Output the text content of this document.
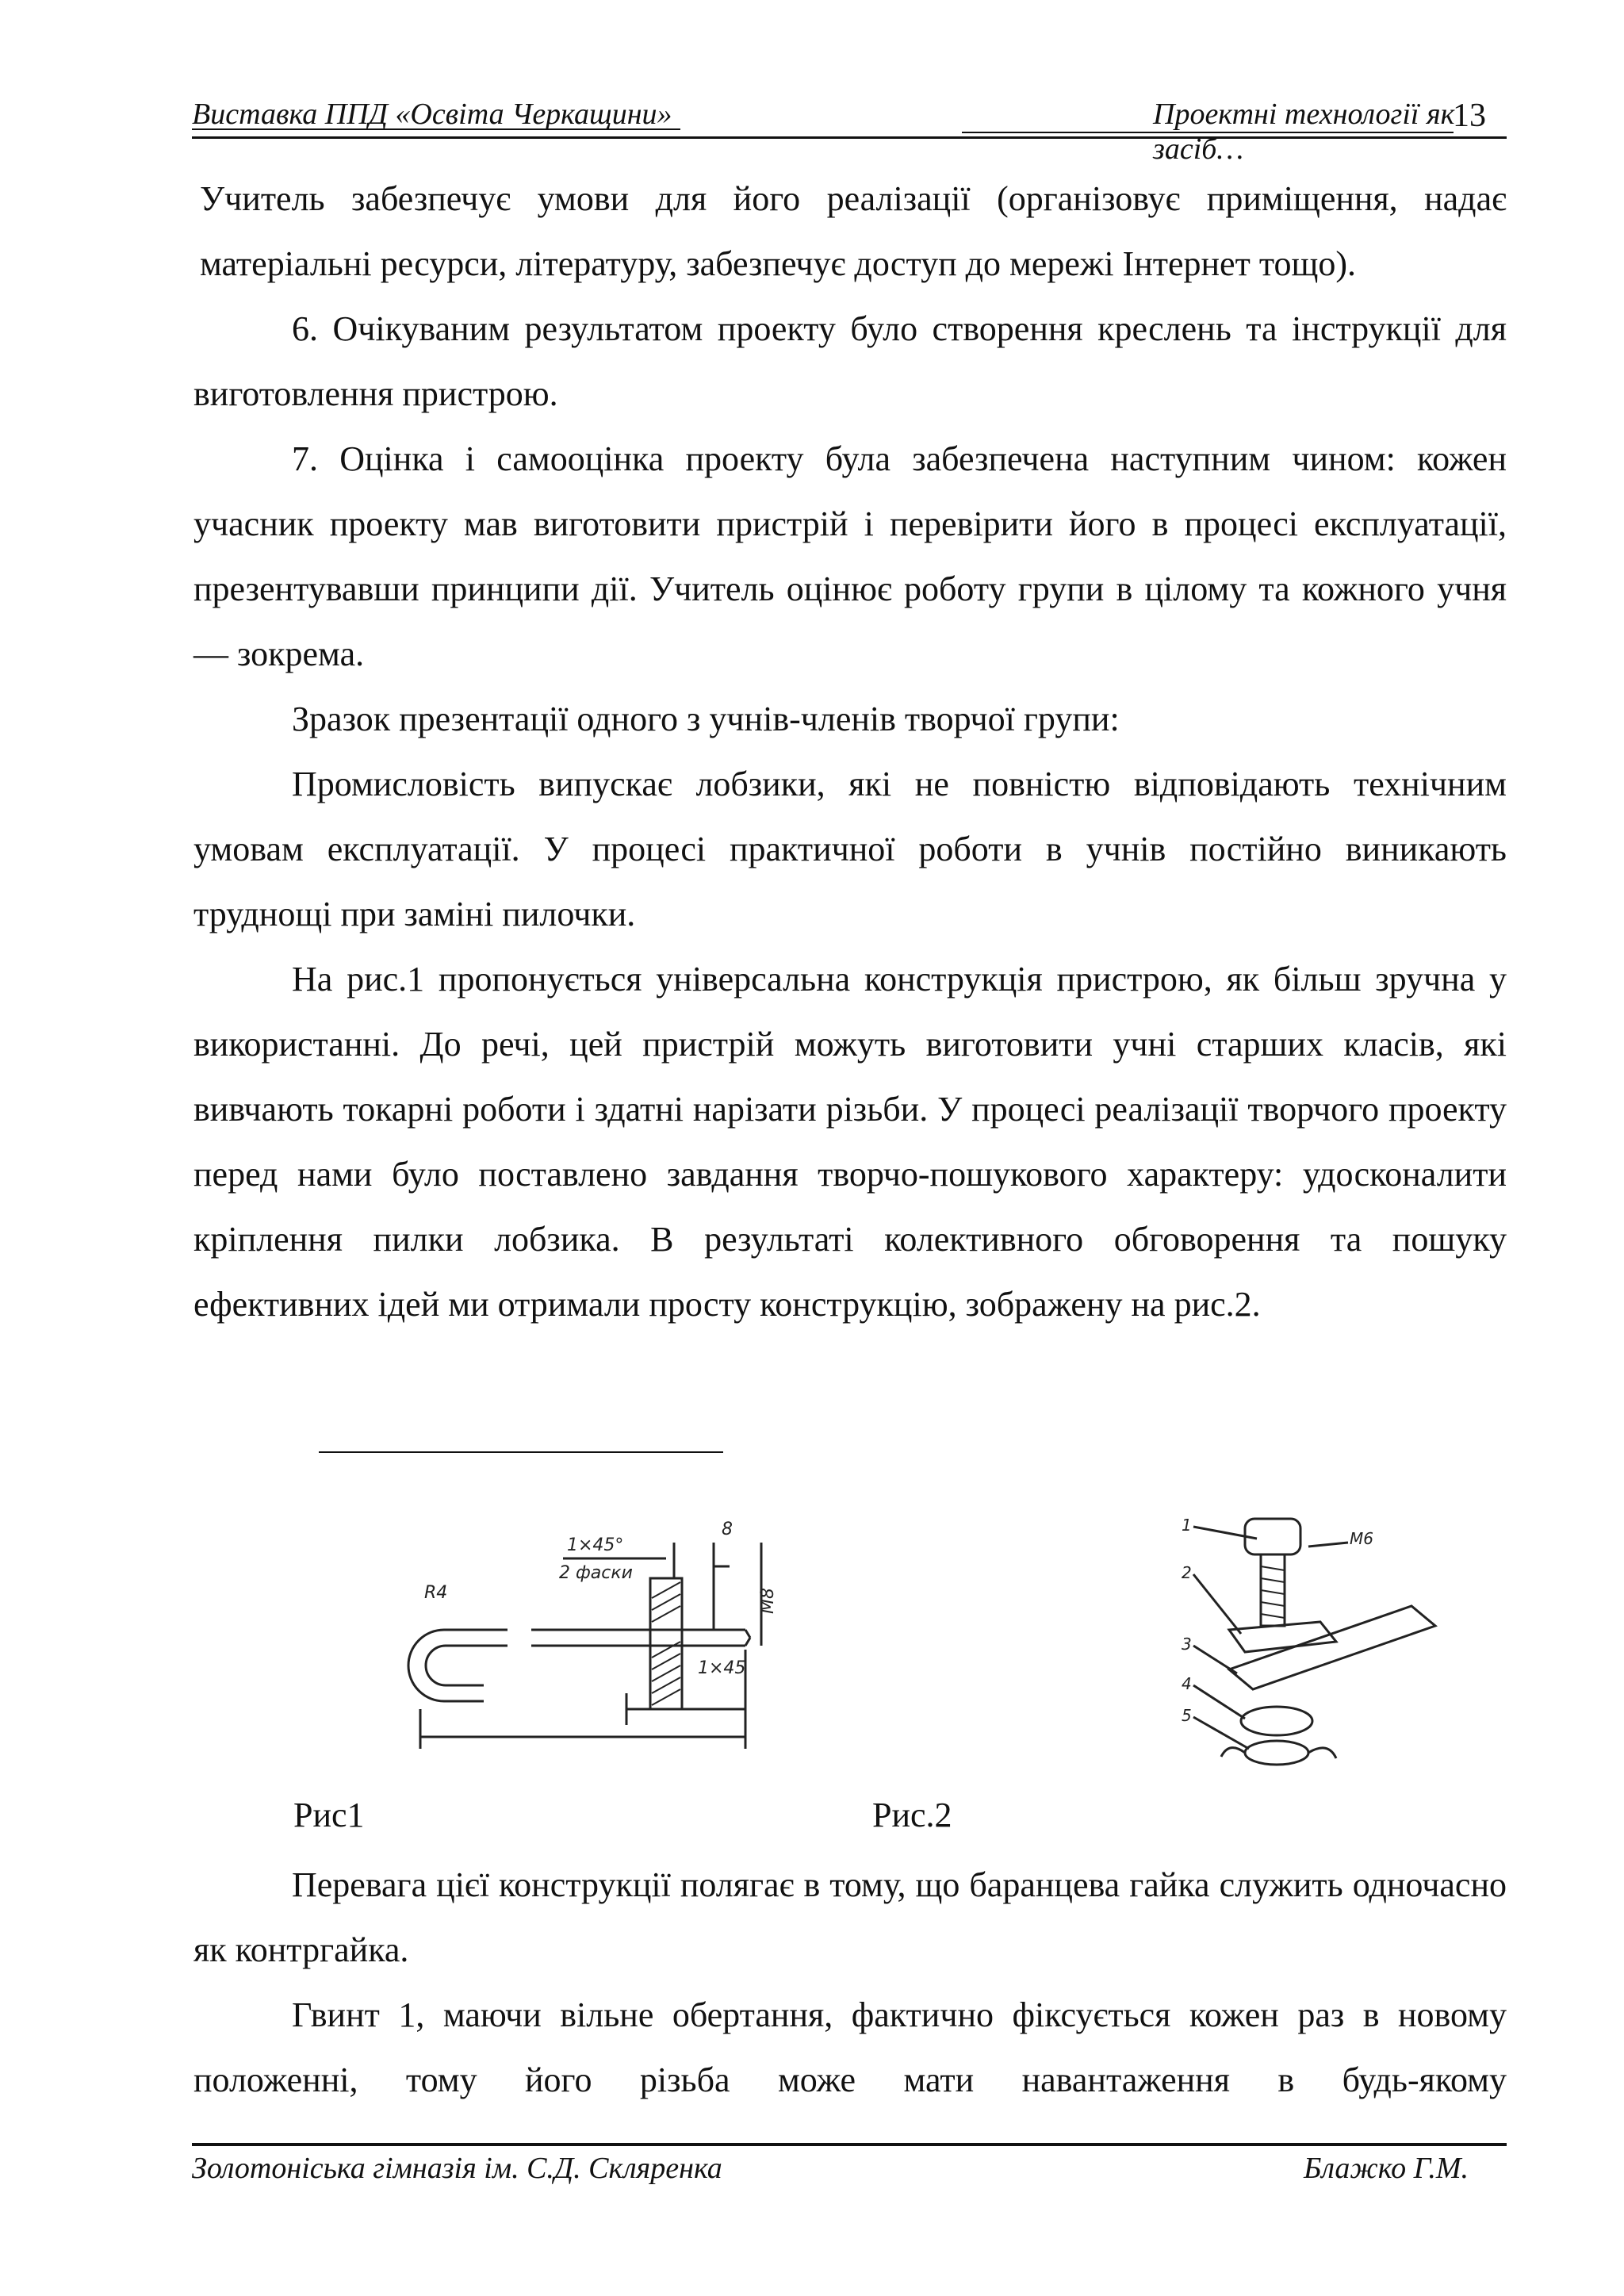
Виставка ППД «Освіта Черкащини»	Проектні технології як засіб…
13

Учитель забезпечує умови для його реалізації (організовує приміщення, надає матеріальні ресурси, літературу, забезпечує доступ до мережі Інтернет тощо).

6. Очікуваним результатом проекту було створення креслень та інструкції для виготовлення пристрою.

7. Оцінка і самооцінка проекту була забезпечена наступним чином: кожен учасник проекту мав виготовити пристрій і перевірити його в процесі експлуатації, презентувавши принципи дії. Учитель оцінює роботу групи в цілому та кожного учня — зокрема.

Зразок презентації одного з учнів-членів творчої групи:

Промисловість випускає лобзики, які не повністю відповідають технічним умовам експлуатації. У процесі практичної роботи в учнів постійно виникають труднощі при заміні пилочки.

На рис.1 пропонується універсальна конструкція пристрою, як більш зручна у використанні. До речі, цей пристрій можуть виготовити учні старших класів, які вивчають токарні роботи і здатні нарізати різьби. У процесі реалізації творчого проекту перед нами було поставлено завдання творчо-пошукового характеру: удосконалити кріплення пилки лобзика. В результаті колективного обговорення та пошуку ефективних ідей ми отримали просту конструкцію, зображену на рис.2.

1×45°
2 фаски
8
M8
1×45
R4
1
2
3
4
5
M6
Рис1	Рис.2

Перевага цієї конструкції полягає в тому, що баранцева гайка служить одночасно як контргайка.

Гвинт 1, маючи вільне обертання, фактично фіксується кожен раз в новому положенні, тому його різьба може мати навантаження в будь-якому

Золотоніська гімназія ім. С.Д. Скляренка	Блажко Г.М.
